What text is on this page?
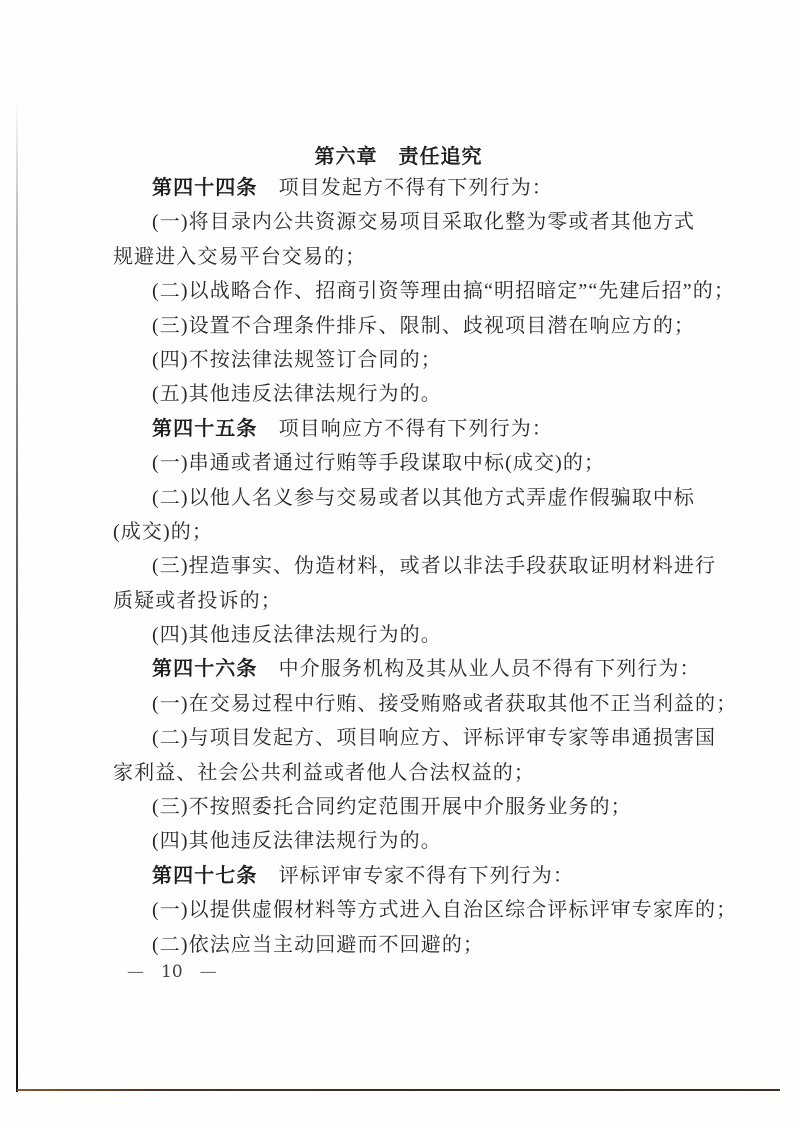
第六章　责任追究
第四十四条　项目发起方不得有下列行为：
(一)将目录内公共资源交易项目采取化整为零或者其他方式
规避进入交易平台交易的；
(二)以战略合作、招商引资等理由搞“明招暗定”“先建后招”的；
(三)设置不合理条件排斥、限制、歧视项目潜在响应方的；
(四)不按法律法规签订合同的；
(五)其他违反法律法规行为的。
第四十五条　项目响应方不得有下列行为：
(一)串通或者通过行贿等手段谋取中标(成交)的；
(二)以他人名义参与交易或者以其他方式弄虚作假骗取中标
(成交)的；
(三)捏造事实、伪造材料，或者以非法手段获取证明材料进行
质疑或者投诉的；
(四)其他违反法律法规行为的。
第四十六条　中介服务机构及其从业人员不得有下列行为：
(一)在交易过程中行贿、接受贿赂或者获取其他不正当利益的；
(二)与项目发起方、项目响应方、评标评审专家等串通损害国
家利益、社会公共利益或者他人合法权益的；
(三)不按照委托合同约定范围开展中介服务业务的；
(四)其他违反法律法规行为的。
第四十七条　评标评审专家不得有下列行为：
(一)以提供虚假材料等方式进入自治区综合评标评审专家库的；
(二)依法应当主动回避而不回避的；
— 10 —
